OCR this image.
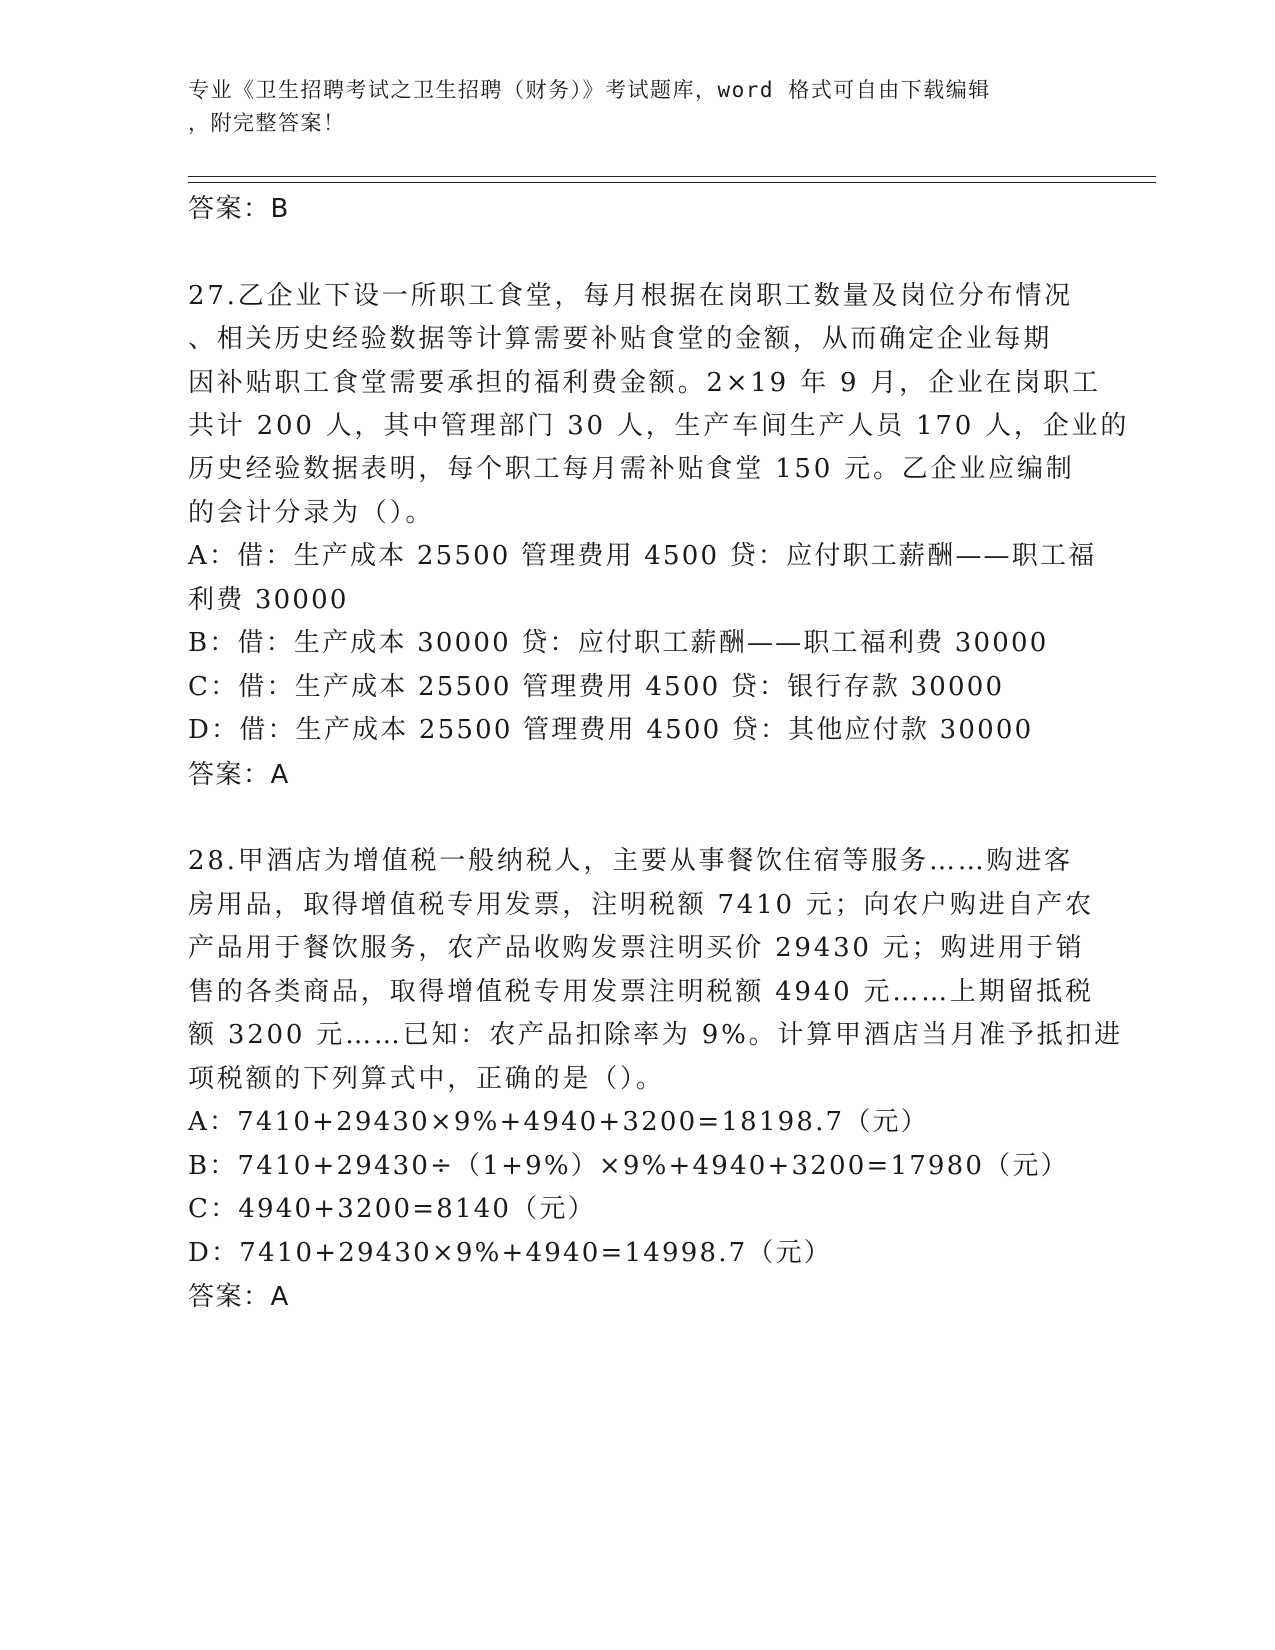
专业《卫生招聘考试之卫生招聘（财务）》考试题库，word 格式可自由下载编辑
，附完整答案！
答案：B
27.乙企业下设一所职工食堂，每月根据在岗职工数量及岗位分布情况
、相关历史经验数据等计算需要补贴食堂的金额，从而确定企业每期
因补贴职工食堂需要承担的福利费金额。2×19 年 9 月，企业在岗职工
共计 200 人，其中管理部门 30 人，生产车间生产人员 170 人，企业的
历史经验数据表明，每个职工每月需补贴食堂 150 元。乙企业应编制
的会计分录为（）。
A：借：生产成本 25500 管理费用 4500 贷：应付职工薪酬——职工福
利费 30000
B：借：生产成本 30000 贷：应付职工薪酬——职工福利费 30000
C：借：生产成本 25500 管理费用 4500 贷：银行存款 30000
D：借：生产成本 25500 管理费用 4500 贷：其他应付款 30000
答案：A
28.甲酒店为增值税一般纳税人，主要从事餐饮住宿等服务……购进客
房用品，取得增值税专用发票，注明税额 7410 元；向农户购进自产农
产品用于餐饮服务，农产品收购发票注明买价 29430 元；购进用于销
售的各类商品，取得增值税专用发票注明税额 4940 元……上期留抵税
额 3200 元……已知：农产品扣除率为 9%。计算甲酒店当月准予抵扣进
项税额的下列算式中，正确的是（）。
A：7410+29430×9%+4940+3200=18198.7（元）
B：7410+29430÷（1+9%）×9%+4940+3200=17980（元）
C：4940+3200=8140（元）
D：7410+29430×9%+4940=14998.7（元）
答案：A
